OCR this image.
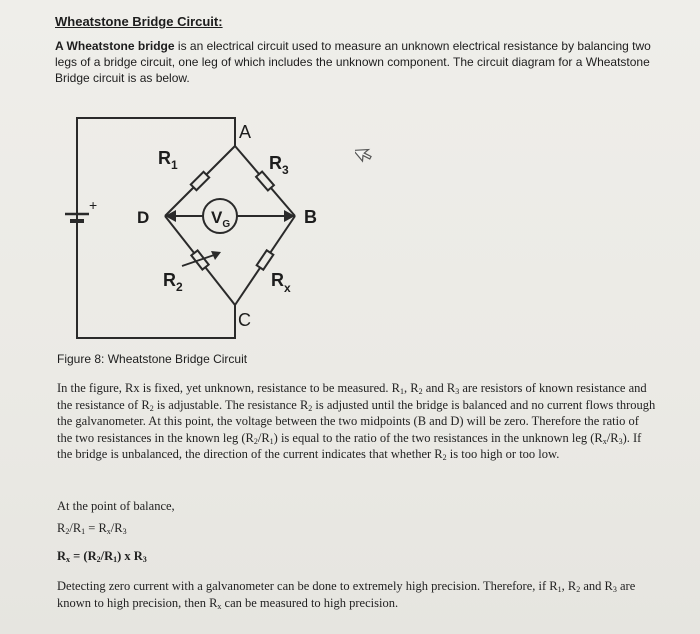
Wheatstone Bridge Circuit:
A Wheatstone bridge is an electrical circuit used to measure an unknown electrical resistance by balancing two legs of a bridge circuit, one leg of which includes the unknown component. The circuit diagram for a Wheatstone Bridge circuit is as below.
$V_G$
A
B
C
D
+
$R_1$	$R_3$
$R_2$	$R_x$
Figure 8: Wheatstone Bridge Circuit
In the figure, Rx is fixed, yet unknown, resistance to be measured. $R_1$, $R_2$ and $R_3$ are resistors of known resistance and the resistance of $R_2$ is adjustable. The resistance $R_2$ is adjusted until the bridge is balanced and no current flows through the galvanometer. At this point, the voltage between the two midpoints (B and D) will be zero. Therefore the ratio of the two resistances in the known leg $(R_2/R_1)$ is equal to the ratio of the two resistances in the unknown leg $(R_x/R_3)$. If the bridge is unbalanced, the direction of the current indicates that whether $R_2$ is too high or too low.
At the point of balance,
$R_2/R_1 = R_x/R_3$
$R_x = (R_2/R_1)$ x $R_3$
Detecting zero current with a galvanometer can be done to extremely high precision. Therefore, if $R_1$, $R_2$ and $R_3$ are known to high precision, then $R_x$ can be measured to high precision.
